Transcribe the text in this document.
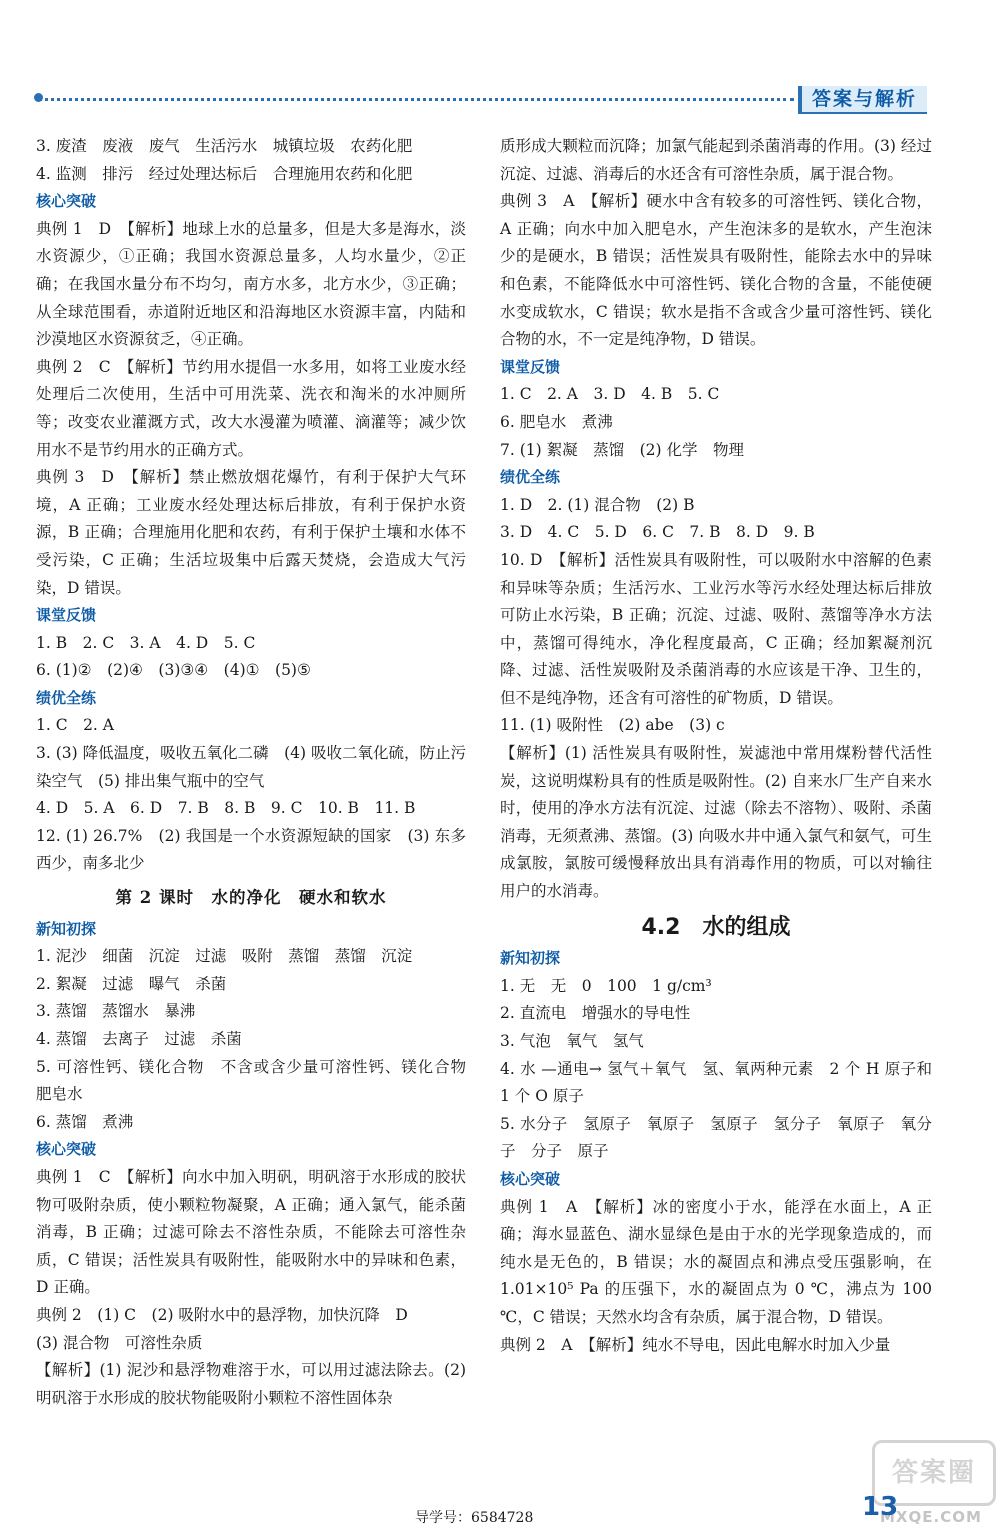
答案与解析
3. 废渣　废液　废气　生活污水　城镇垃圾　农药化肥
4. 监测　排污　经过处理达标后　合理施用农药和化肥
核心突破
典例 1　D　【解析】地球上水的总量多，但是大多是海水，淡水资源少，①正确；我国水资源总量多，人均水量少，②正确；在我国水量分布不均匀，南方水多，北方水少，③正确；从全球范围看，赤道附近地区和沿海地区水资源丰富，内陆和沙漠地区水资源贫乏，④正确。
典例 2　C　【解析】节约用水提倡一水多用，如将工业废水经处理后二次使用，生活中可用洗菜、洗衣和淘米的水冲厕所等；改变农业灌溉方式，改大水漫灌为喷灌、滴灌等；减少饮用水不是节约用水的正确方式。
典例 3　D　【解析】禁止燃放烟花爆竹，有利于保护大气环境，A 正确；工业废水经处理达标后排放，有利于保护水资源，B 正确；合理施用化肥和农药，有利于保护土壤和水体不受污染，C 正确；生活垃圾集中后露天焚烧，会造成大气污染，D 错误。
课堂反馈
1. B　2. C　3. A　4. D　5. C
6. (1)②　(2)④　(3)③④　(4)①　(5)⑤
绩优全练
1. C　2. A
3. (3) 降低温度，吸收五氧化二磷　(4) 吸收二氧化硫，防止污染空气　(5) 排出集气瓶中的空气
4. D　5. A　6. D　7. B　8. B　9. C　10. B　11. B
12. (1) 26.7%　(2) 我国是一个水资源短缺的国家　(3) 东多西少，南多北少
第 2 课时　水的净化　硬水和软水
新知初探
1. 泥沙　细菌　沉淀　过滤　吸附　蒸馏　蒸馏　沉淀
2. 絮凝　过滤　曝气　杀菌
3. 蒸馏　蒸馏水　暴沸
4. 蒸馏　去离子　过滤　杀菌
5. 可溶性钙、镁化合物　不含或含少量可溶性钙、镁化合物　肥皂水
6. 蒸馏　煮沸
核心突破
典例 1　C　【解析】向水中加入明矾，明矾溶于水形成的胶状物可吸附杂质，使小颗粒物凝聚，A 正确；通入氯气，能杀菌消毒，B 正确；过滤可除去不溶性杂质，不能除去可溶性杂质，C 错误；活性炭具有吸附性，能吸附水中的异味和色素，D 正确。
典例 2　(1) C　(2) 吸附水中的悬浮物，加快沉降　D
(3) 混合物　可溶性杂质
【解析】(1) 泥沙和悬浮物难溶于水，可以用过滤法除去。(2) 明矾溶于水形成的胶状物能吸附小颗粒不溶性固体杂
质形成大颗粒而沉降；加氯气能起到杀菌消毒的作用。(3) 经过沉淀、过滤、消毒后的水还含有可溶性杂质，属于混合物。
典例 3　A　【解析】硬水中含有较多的可溶性钙、镁化合物，A 正确；向水中加入肥皂水，产生泡沫多的是软水，产生泡沫少的是硬水，B 错误；活性炭具有吸附性，能除去水中的异味和色素，不能降低水中可溶性钙、镁化合物的含量，不能使硬水变成软水，C 错误；软水是指不含或含少量可溶性钙、镁化合物的水，不一定是纯净物，D 错误。
课堂反馈
1. C　2. A　3. D　4. B　5. C
6. 肥皂水　煮沸
7. (1) 絮凝　蒸馏　(2) 化学　物理
绩优全练
1. D　2. (1) 混合物　(2) B
3. D　4. C　5. D　6. C　7. B　8. D　9. B
10. D　【解析】活性炭具有吸附性，可以吸附水中溶解的色素和异味等杂质；生活污水、工业污水等污水经处理达标后排放可防止水污染，B 正确；沉淀、过滤、吸附、蒸馏等净水方法中，蒸馏可得纯水，净化程度最高，C 正确；经加絮凝剂沉降、过滤、活性炭吸附及杀菌消毒的水应该是干净、卫生的，但不是纯净物，还含有可溶性的矿物质，D 错误。
11. (1) 吸附性　(2) abe　(3) c
【解析】(1) 活性炭具有吸附性，炭滤池中常用煤粉替代活性炭，这说明煤粉具有的性质是吸附性。(2) 自来水厂生产自来水时，使用的净水方法有沉淀、过滤（除去不溶物）、吸附、杀菌消毒，无须煮沸、蒸馏。(3) 向吸水井中通入氯气和氨气，可生成氯胺，氯胺可缓慢释放出具有消毒作用的物质，可以对输往用户的水消毒。
4.2　水的组成
新知初探
1. 无　无　0　100　1 g/cm³
2. 直流电　增强水的导电性
3. 气泡　氧气　氢气
4. 水 —通电→ 氢气＋氧气　氢、氧两种元素　2 个 H 原子和 1 个 O 原子
5. 水分子　氢原子　氧原子　氢原子　氢分子　氧原子　氧分子　分子　原子
核心突破
典例 1　A　【解析】冰的密度小于水，能浮在水面上，A 正确；海水显蓝色、湖水显绿色是由于水的光学现象造成的，而纯水是无色的，B 错误；水的凝固点和沸点受压强影响，在 1.01×10⁵ Pa 的压强下，水的凝固点为 0 ℃，沸点为 100 ℃，C 错误；天然水均含有杂质，属于混合物，D 错误。
典例 2　A　【解析】纯水不导电，因此电解水时加入少量
答案圈
MXQE.COM
导学号：6584728	13
